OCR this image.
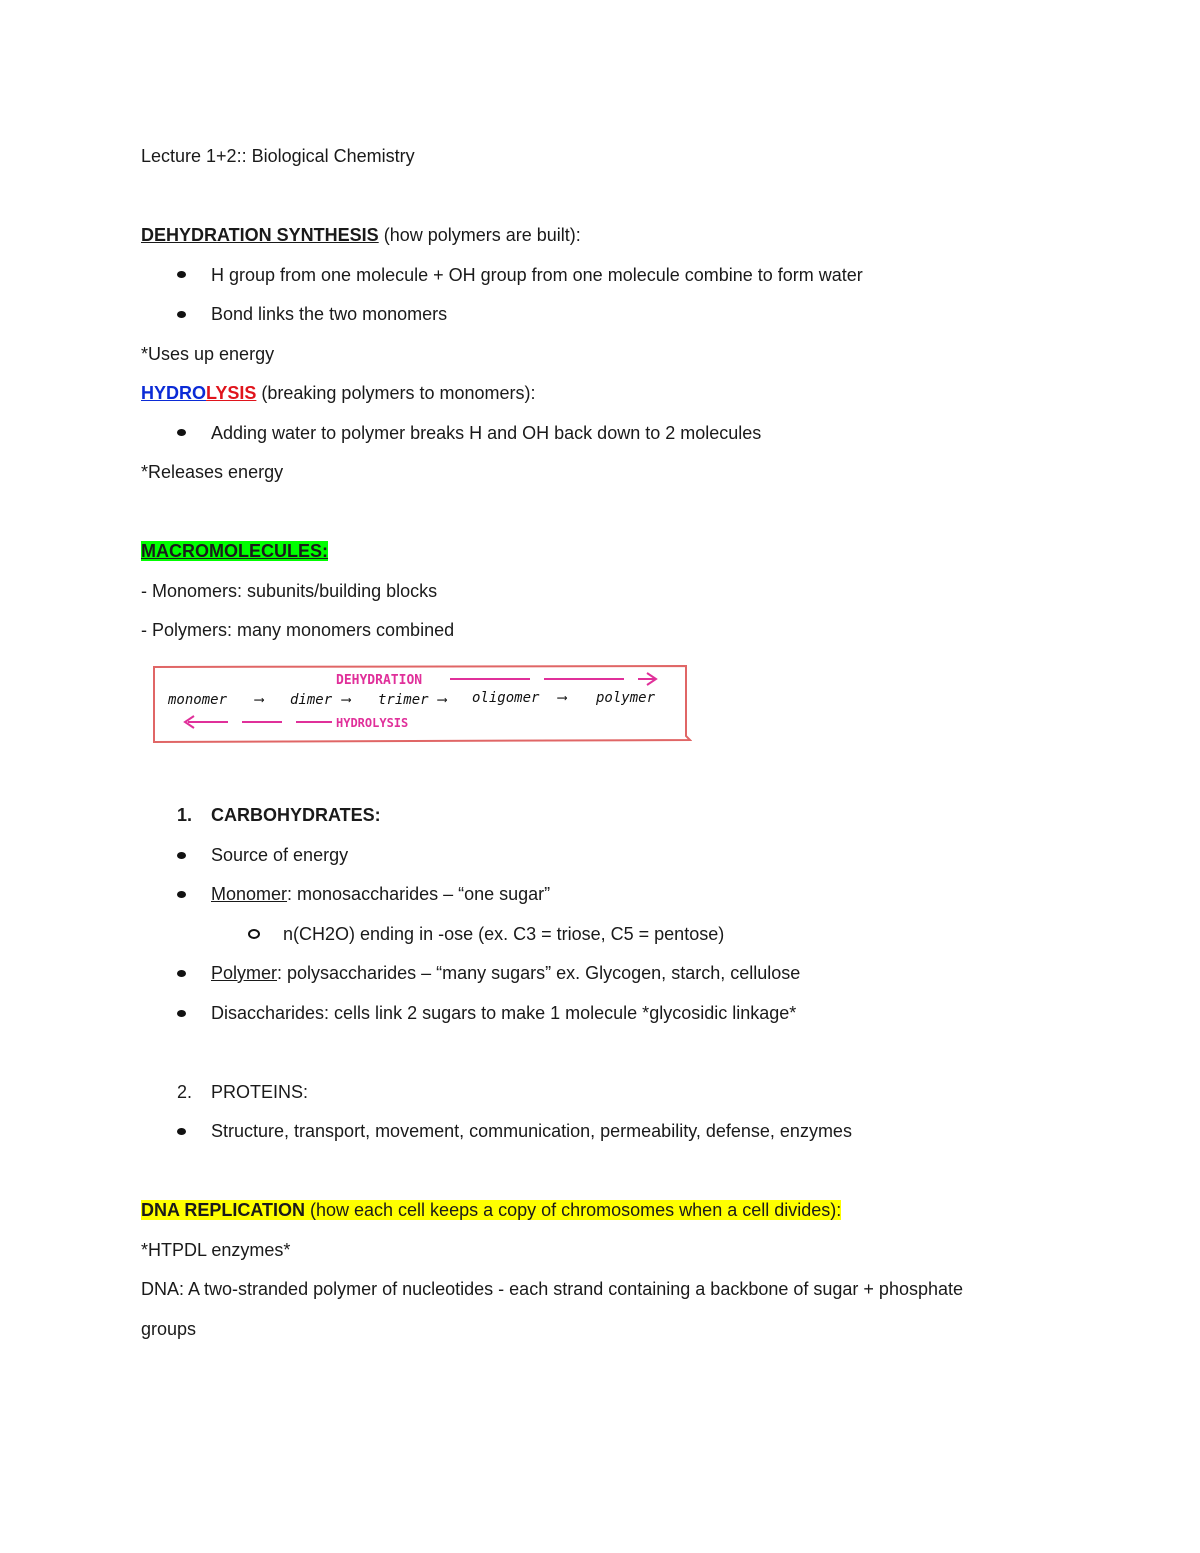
Lecture 1+2:: Biological Chemistry
DEHYDRATION SYNTHESIS (how polymers are built):
H group from one molecule + OH group from one molecule combine to form water
Bond links the two monomers
*Uses up energy
HYDROLYSIS (breaking polymers to monomers):
Adding water to polymer breaks H and OH back down to 2 molecules
*Releases energy
MACROMOLECULES:
- Monomers: subunits/building blocks
- Polymers: many monomers combined
DEHYDRATION
monomer ⟶ dimer ⟶ trimer ⟶ oligomer ⟶ polymer
HYDROLYSIS
1. CARBOHYDRATES:
Source of energy
Monomer: monosaccharides – “one sugar”
n(CH2O) ending in -ose (ex. C3 = triose, C5 = pentose)
Polymer: polysaccharides – “many sugars” ex. Glycogen, starch, cellulose
Disaccharides: cells link 2 sugars to make 1 molecule *glycosidic linkage*
2. PROTEINS:
Structure, transport, movement, communication, permeability, defense, enzymes
DNA REPLICATION (how each cell keeps a copy of chromosomes when a cell divides):
*HTPDL enzymes*
DNA: A two-stranded polymer of nucleotides - each strand containing a backbone of sugar + phosphate
groups
